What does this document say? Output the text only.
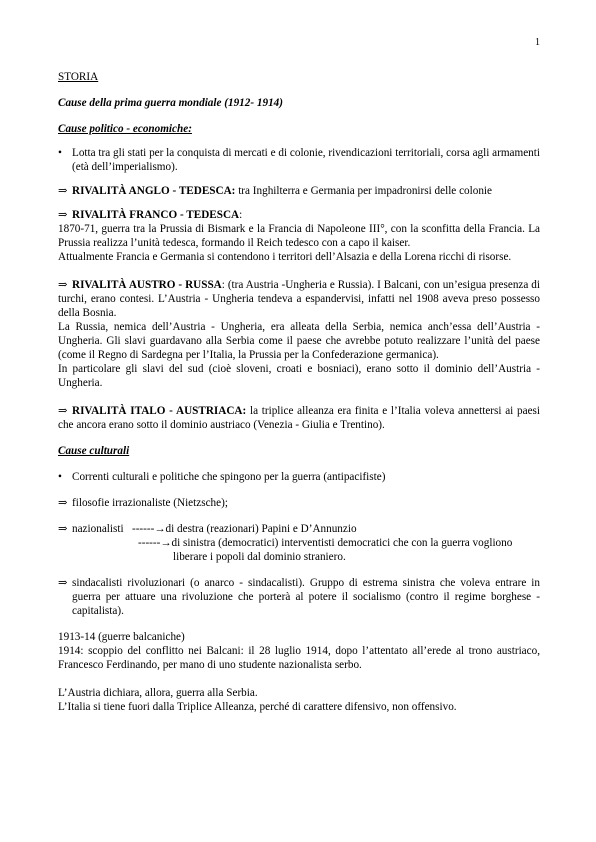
1

STORIA

Cause della prima guerra mondiale (1912- 1914)

Cause politico - economiche:

• Lotta tra gli stati per la conquista di mercati e di colonie, rivendicazioni territoriali, corsa agli armamenti (età dell’imperialismo).

⇒ RIVALITÀ ANGLO - TEDESCA: tra Inghilterra e Germania per impadronirsi delle colonie

⇒ RIVALITÀ FRANCO - TEDESCA:

1870-71, guerra tra la Prussia di Bismark e la Francia di Napoleone III°, con la sconfitta della Francia. La Prussia realizza l’unità tedesca, formando il Reich tedesco con a capo il kaiser.

Attualmente Francia e Germania si contendono i territori dell’Alsazia e della Lorena ricchi di risorse.

⇒ RIVALITÀ AUSTRO - RUSSA: (tra Austria -Ungheria e Russia). I Balcani, con un’esigua presenza di turchi, erano contesi. L’Austria - Ungheria tendeva a espandervisi, infatti nel 1908 aveva preso possesso della Bosnia.

La Russia, nemica dell’Austria - Ungheria, era alleata della Serbia, nemica anch’essa dell’Austria - Ungheria. Gli slavi guardavano alla Serbia come il paese che avrebbe potuto realizzare l’unità del paese (come il Regno di Sardegna per l’Italia, la Prussia per la Confederazione germanica).

In particolare gli slavi del sud (cioè sloveni, croati e bosniaci), erano sotto il dominio dell’Austria - Ungheria.

⇒ RIVALITÀ ITALO - AUSTRIACA: la triplice alleanza era finita e l’Italia voleva annettersi ai paesi che ancora erano sotto il dominio austriaco (Venezia - Giulia e Trentino).

Cause culturali

• Correnti culturali e politiche che spingono per la guerra (antipacifiste)

⇒ filosofie irrazionaliste (Nietzsche);

⇒ nazionalisti ------→di destra (reazionari) Papini e D’Annunzio

------→di sinistra (democratici) interventisti democratici che con la guerra vogliono

liberare i popoli dal dominio straniero.

⇒ sindacalisti rivoluzionari (o anarco - sindacalisti). Gruppo di estrema sinistra che voleva entrare in guerra per attuare una rivoluzione che porterà al potere il socialismo (contro il regime borghese - capitalista).

1913-14 (guerre balcaniche)

1914: scoppio del conflitto nei Balcani: il 28 luglio 1914, dopo l’attentato all’erede al trono austriaco, Francesco Ferdinando, per mano di uno studente nazionalista serbo.

L’Austria dichiara, allora, guerra alla Serbia.

L’Italia si tiene fuori dalla Triplice Alleanza, perché di carattere difensivo, non offensivo.
